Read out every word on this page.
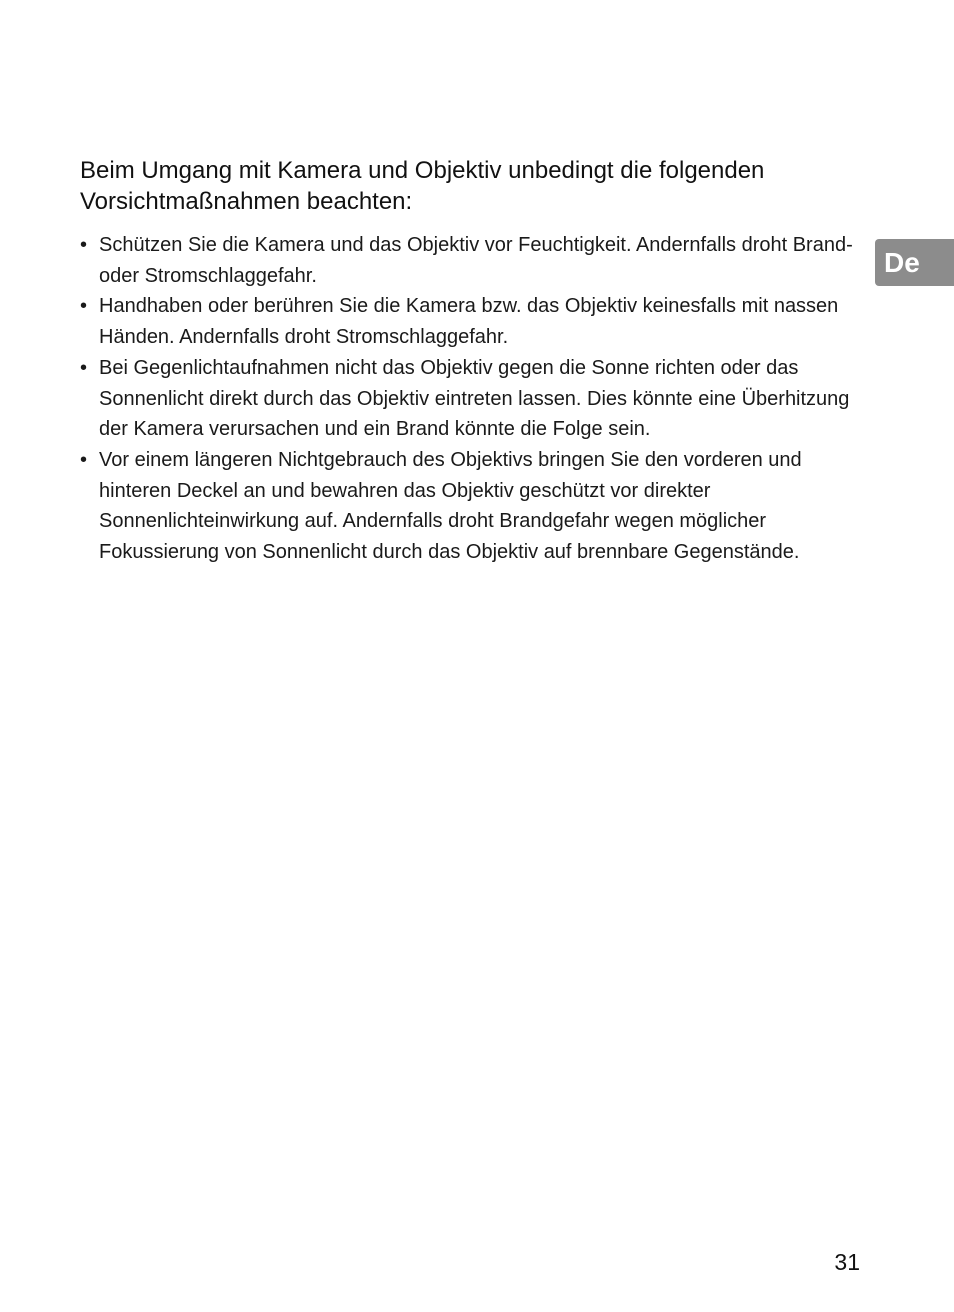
Beim Umgang mit Kamera und Objektiv unbedingt die folgenden Vorsichtmaßnahmen beachten:
• Schützen Sie die Kamera und das Objektiv vor Feuchtigkeit. Andernfalls droht Brand- oder Stromschlaggefahr.
• Handhaben oder berühren Sie die Kamera bzw. das Objektiv keinesfalls mit nassen Händen. Andernfalls droht Stromschlaggefahr.
• Bei Gegenlichtaufnahmen nicht das Objektiv gegen die Sonne richten oder das Sonnenlicht direkt durch das Objektiv eintreten lassen. Dies könnte eine Überhitzung der Kamera verursachen und ein Brand könnte die Folge sein.
• Vor einem längeren Nichtgebrauch des Objektivs bringen Sie den vorderen und hinteren Deckel an und bewahren das Objektiv geschützt vor direkter Sonnenlichteinwirkung auf. Andernfalls droht Brandgefahr wegen möglicher Fokussierung von Sonnenlicht durch das Objektiv auf brennbare Gegenstände.
De
31
